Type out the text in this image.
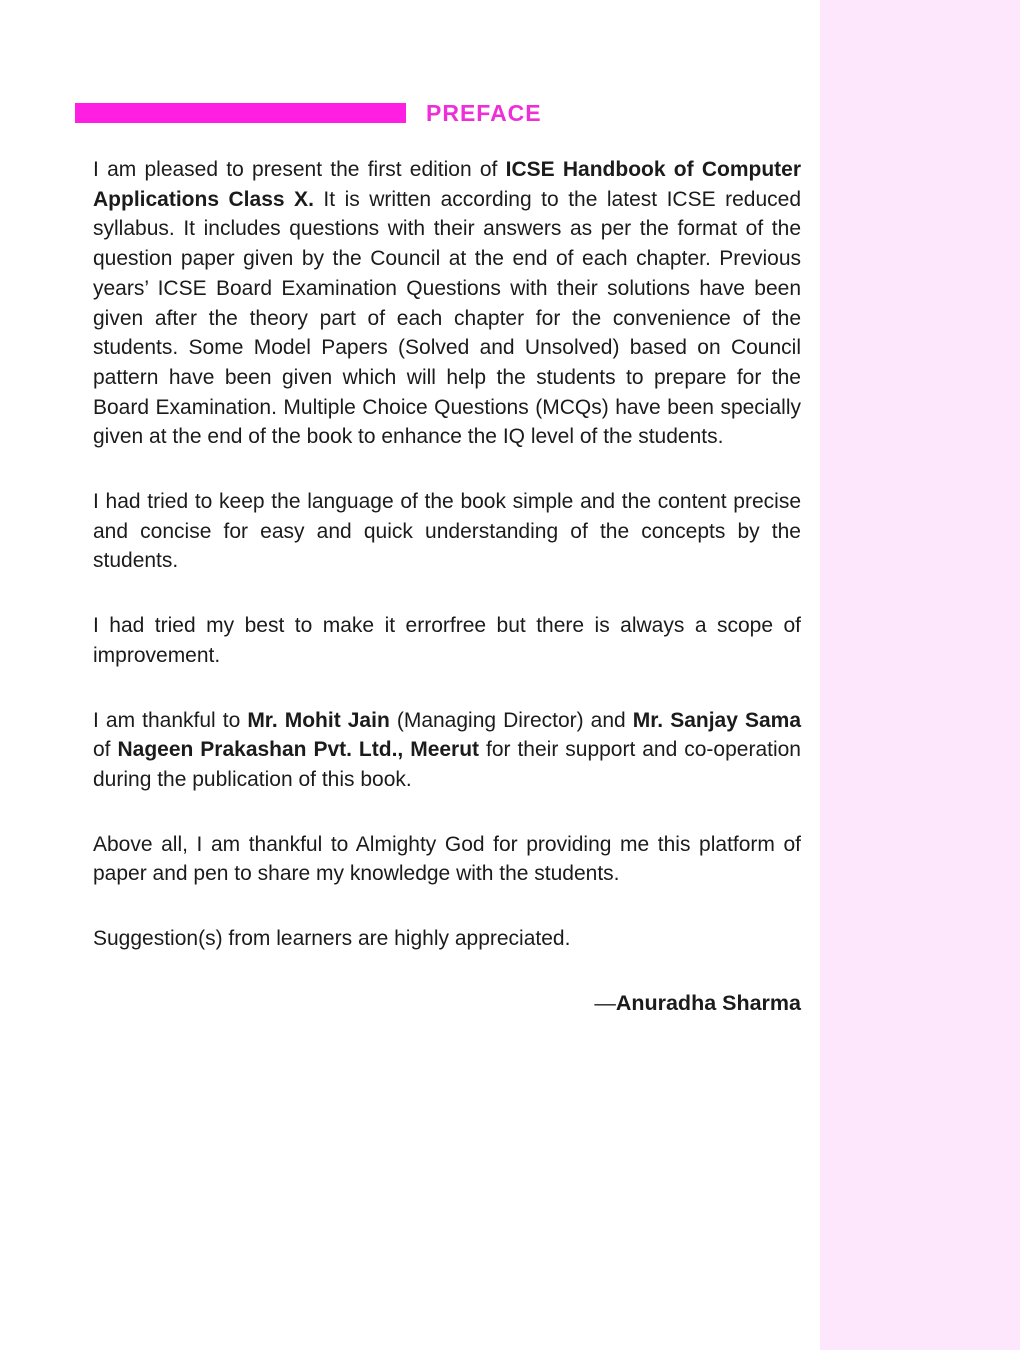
PREFACE

I am pleased to present the first edition of ICSE Handbook of Computer Applications Class X. It is written according to the latest ICSE reduced syllabus. It includes questions with their answers as per the format of the question paper given by the Council at the end of each chapter. Previous years’ ICSE Board Examination Questions with their solutions have been given after the theory part of each chapter for the convenience of the students. Some Model Papers (Solved and Unsolved) based on Council pattern have been given which will help the students to prepare for the Board Examination. Multiple Choice Questions (MCQs) have been specially given at the end of the book to enhance the IQ level of the students.

I had tried to keep the language of the book simple and the content precise and concise for easy and quick understanding of the concepts by the students.

I had tried my best to make it errorfree but there is always a scope of improvement.

I am thankful to Mr. Mohit Jain (Managing Director) and Mr. Sanjay Sama of Nageen Prakashan Pvt. Ltd., Meerut for their support and co-operation during the publication of this book.

Above all, I am thankful to Almighty God for providing me this platform of paper and pen to share my knowledge with the students.

Suggestion(s) from learners are highly appreciated.

—Anuradha Sharma
